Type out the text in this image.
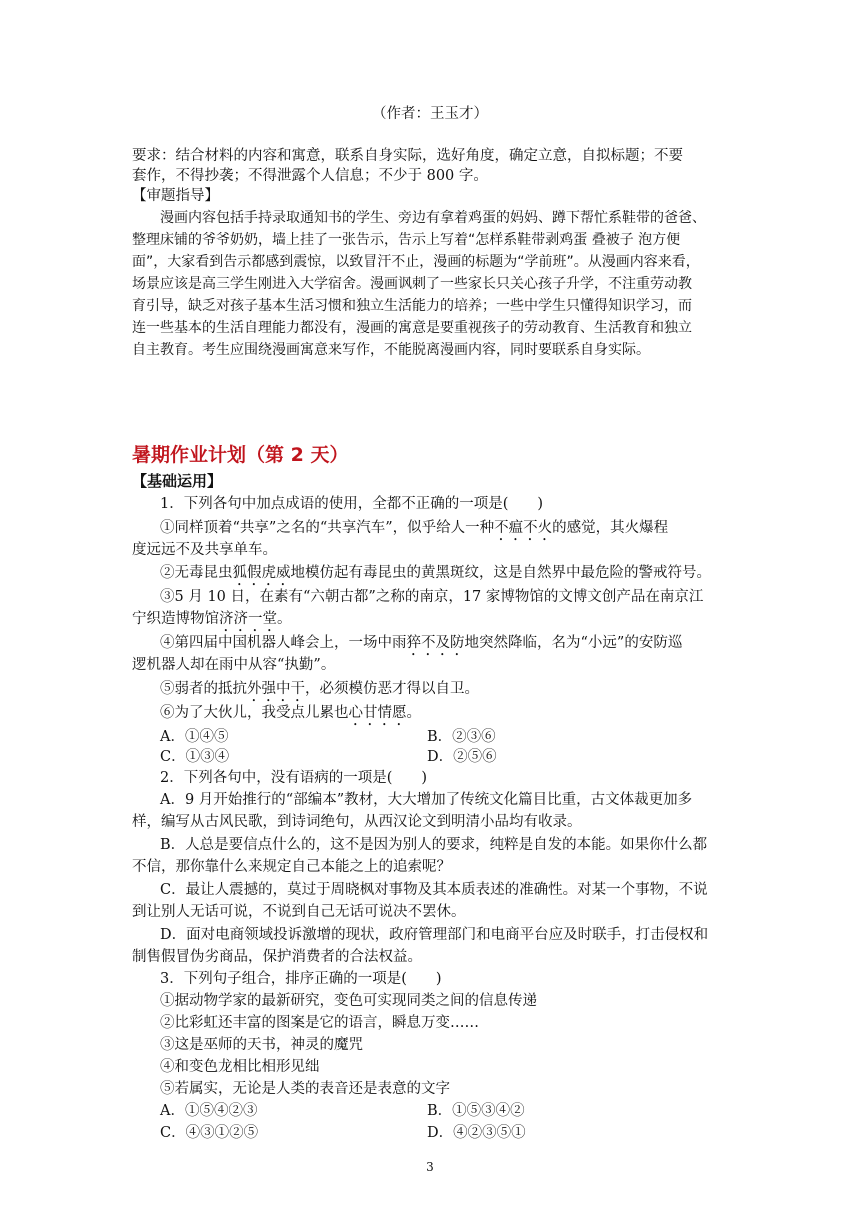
（作者：王玉才）
要求：结合材料的内容和寓意，联系自身实际，选好角度，确定立意，自拟标题；不要
套作，不得抄袭；不得泄露个人信息；不少于 800 字。
【审题指导】
漫画内容包括手持录取通知书的学生、旁边有拿着鸡蛋的妈妈、蹲下帮忙系鞋带的爸爸、
整理床铺的爷爷奶奶，墙上挂了一张告示，告示上写着“怎样系鞋带剥鸡蛋 叠被子 泡方便
面”，大家看到告示都感到震惊，以致冒汗不止，漫画的标题为“学前班”。从漫画内容来看，
场景应该是高三学生刚进入大学宿舍。漫画讽刺了一些家长只关心孩子升学，不注重劳动教
育引导，缺乏对孩子基本生活习惯和独立生活能力的培养；一些中学生只懂得知识学习，而
连一些基本的生活自理能力都没有，漫画的寓意是要重视孩子的劳动教育、生活教育和独立
自主教育。考生应围绕漫画寓意来写作，不能脱离漫画内容，同时要联系自身实际。
暑期作业计划（第 2 天）
【基础运用】
1．下列各句中加点成语的使用，全都不正确的一项是(　　)
①同样顶着“共享”之名的“共享汽车”，似乎给人一种不瘟不火的感觉，其火爆程
度远远不及共享单车。
②无毒昆虫狐假虎威地模仿起有毒昆虫的黄黑斑纹，这是自然界中最危险的警戒符号。
③5 月 10 日，在素有“六朝古都”之称的南京，17 家博物馆的文博文创产品在南京江
宁织造博物馆济济一堂。
④第四届中国机器人峰会上，一场中雨猝不及防地突然降临，名为“小远”的安防巡
逻机器人却在雨中从容“执勤”。
⑤弱者的抵抗外强中干，必须模仿恶才得以自卫。
⑥为了大伙儿，我受点儿累也心甘情愿。
A．①④⑤	B．②③⑥
C．①③④	D．②⑤⑥
2．下列各句中，没有语病的一项是(　　)
A．9 月开始推行的“部编本”教材，大大增加了传统文化篇目比重，古文体裁更加多
样，编写从古风民歌，到诗词绝句，从西汉论文到明清小品均有收录。
B．人总是要信点什么的，这不是因为别人的要求，纯粹是自发的本能。如果你什么都
不信，那你靠什么来规定自己本能之上的追索呢？
C．最让人震撼的，莫过于周晓枫对事物及其本质表述的准确性。对某一个事物，不说
到让别人无话可说，不说到自己无话可说决不罢休。
D．面对电商领域投诉激增的现状，政府管理部门和电商平台应及时联手，打击侵权和
制售假冒伪劣商品，保护消费者的合法权益。
3．下列句子组合，排序正确的一项是(　　)
①据动物学家的最新研究，变色可实现同类之间的信息传递
②比彩虹还丰富的图案是它的语言，瞬息万变……
③这是巫师的天书，神灵的魔咒
④和变色龙相比相形见绌
⑤若属实，无论是人类的表音还是表意的文字
A．①⑤④②③	B．①⑤③④②
C．④③①②⑤	D．④②③⑤①
3
